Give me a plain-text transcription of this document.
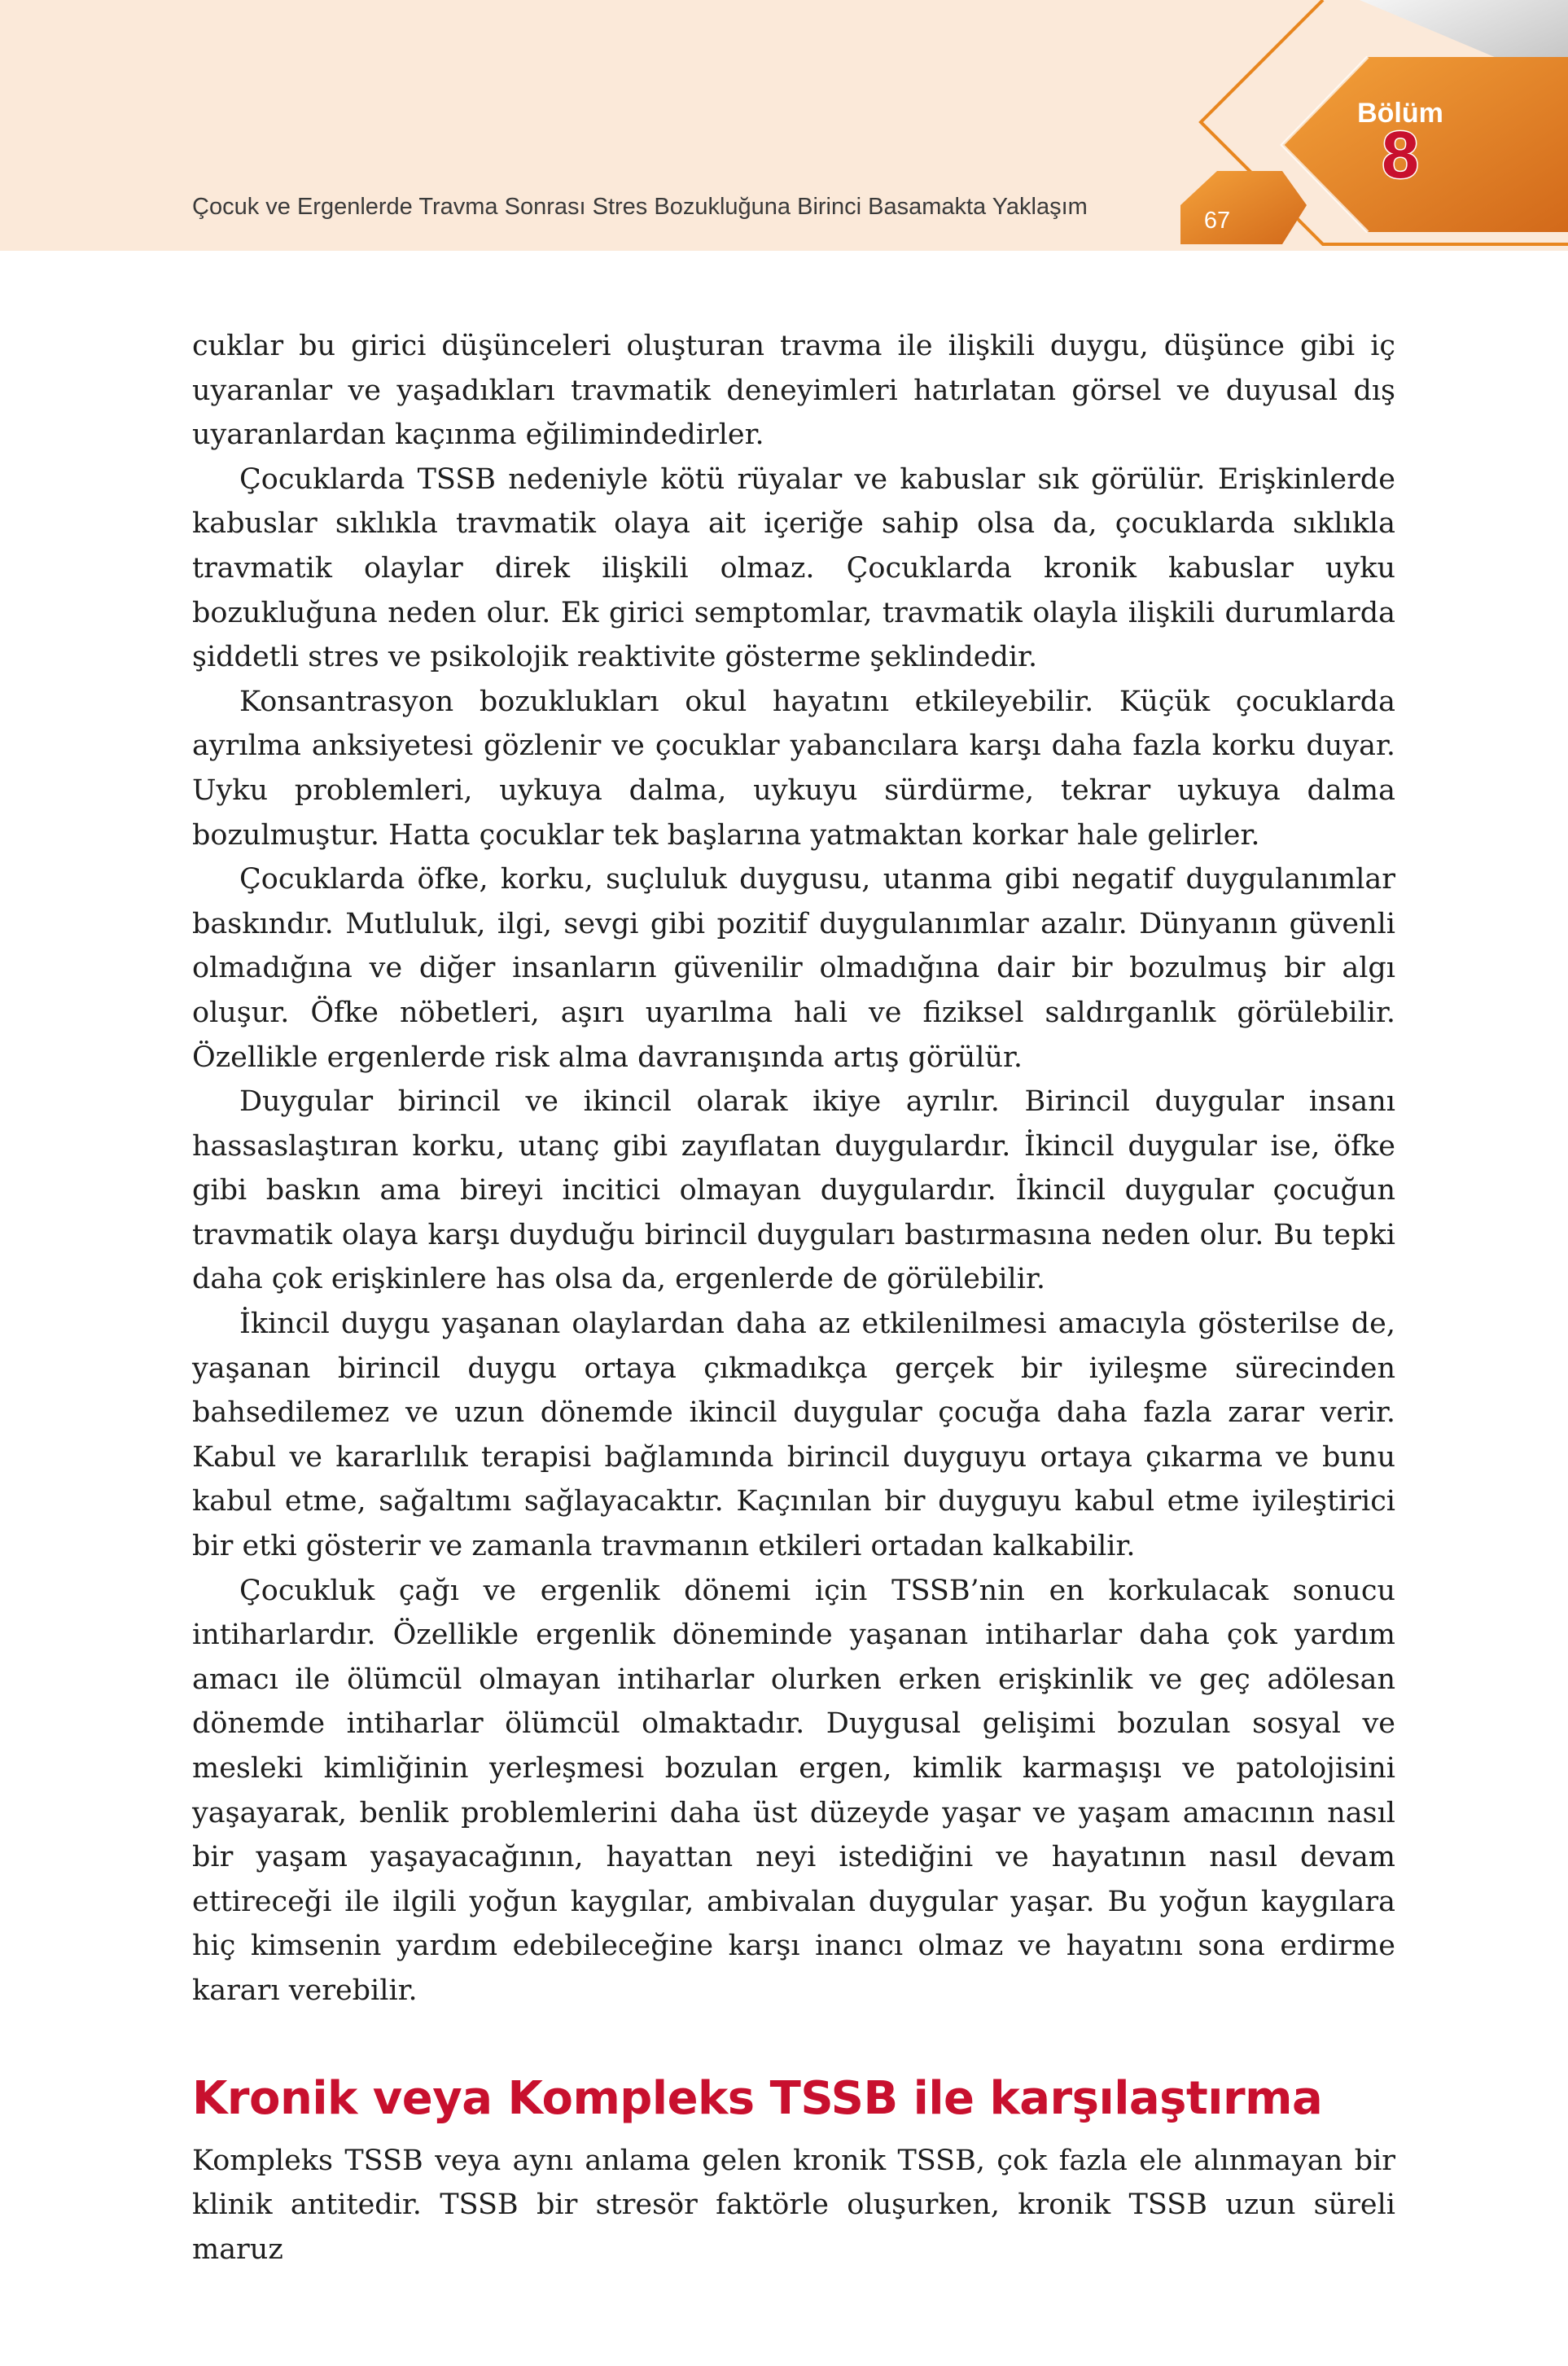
Çocuk ve Ergenlerde Travma Sonrası Stres Bozukluğuna Birinci Basamakta Yaklaşım
67
Bölüm
8

cuklar bu girici düşünceleri oluşturan travma ile ilişkili duygu, düşünce gibi iç uyaranlar ve yaşadıkları travmatik deneyimleri hatırlatan görsel ve duyusal dış uyaranlardan kaçınma eğilimindedirler.

Çocuklarda TSSB nedeniyle kötü rüyalar ve kabuslar sık görülür. Erişkinlerde kabuslar sıklıkla travmatik olaya ait içeriğe sahip olsa da, çocuklarda sıklıkla travmatik olaylar direk ilişkili olmaz. Çocuklarda kronik kabuslar uyku bozukluğuna neden olur. Ek girici semptomlar, travmatik olayla ilişkili durumlarda şiddetli stres ve psikolojik reaktivite gösterme şeklindedir.

Konsantrasyon bozuklukları okul hayatını etkileyebilir. Küçük çocuklarda ayrılma anksiyetesi gözlenir ve çocuklar yabancılara karşı daha fazla korku duyar. Uyku problemleri, uykuya dalma, uykuyu sürdürme, tekrar uykuya dalma bozulmuştur. Hatta çocuklar tek başlarına yatmaktan korkar hale gelirler.

Çocuklarda öfke, korku, suçluluk duygusu, utanma gibi negatif duygulanımlar baskındır. Mutluluk, ilgi, sevgi gibi pozitif duygulanımlar azalır. Dünyanın güvenli olmadığına ve diğer insanların güvenilir olmadığına dair bir bozulmuş bir algı oluşur. Öfke nöbetleri, aşırı uyarılma hali ve fiziksel saldırganlık görülebilir. Özellikle ergenlerde risk alma davranışında artış görülür.

Duygular birincil ve ikincil olarak ikiye ayrılır. Birincil duygular insanı hassaslaştıran korku, utanç gibi zayıflatan duygulardır. İkincil duygular ise, öfke gibi baskın ama bireyi incitici olmayan duygulardır. İkincil duygular çocuğun travmatik olaya karşı duyduğu birincil duyguları bastırmasına neden olur. Bu tepki daha çok erişkinlere has olsa da, ergenlerde de görülebilir.

İkincil duygu yaşanan olaylardan daha az etkilenilmesi amacıyla gösterilse de, yaşanan birincil duygu ortaya çıkmadıkça gerçek bir iyileşme sürecinden bahsedilemez ve uzun dönemde ikincil duygular çocuğa daha fazla zarar verir. Kabul ve kararlılık terapisi bağlamında birincil duyguyu ortaya çıkarma ve bunu kabul etme, sağaltımı sağlayacaktır. Kaçınılan bir duyguyu kabul etme iyileştirici bir etki gösterir ve zamanla travmanın etkileri ortadan kalkabilir.

Çocukluk çağı ve ergenlik dönemi için TSSB’nin en korkulacak sonucu intiharlardır. Özellikle ergenlik döneminde yaşanan intiharlar daha çok yardım amacı ile ölümcül olmayan intiharlar olurken erken erişkinlik ve geç adölesan dönemde intiharlar ölümcül olmaktadır. Duygusal gelişimi bozulan sosyal ve mesleki kimliğinin yerleşmesi bozulan ergen, kimlik karmaşışı ve patolojisini yaşayarak, benlik problemlerini daha üst düzeyde yaşar ve yaşam amacının nasıl bir yaşam yaşayacağının, hayattan neyi istediğini ve hayatının nasıl devam ettireceği ile ilgili yoğun kaygılar, ambivalan duygular yaşar. Bu yoğun kaygılara hiç kimsenin yardım edebileceğine karşı inancı olmaz ve hayatını sona erdirme kararı verebilir.

Kronik veya Kompleks TSSB ile karşılaştırma

Kompleks TSSB veya aynı anlama gelen kronik TSSB, çok fazla ele alınmayan bir klinik antitedir. TSSB bir stresör faktörle oluşurken, kronik TSSB uzun süreli maruz
